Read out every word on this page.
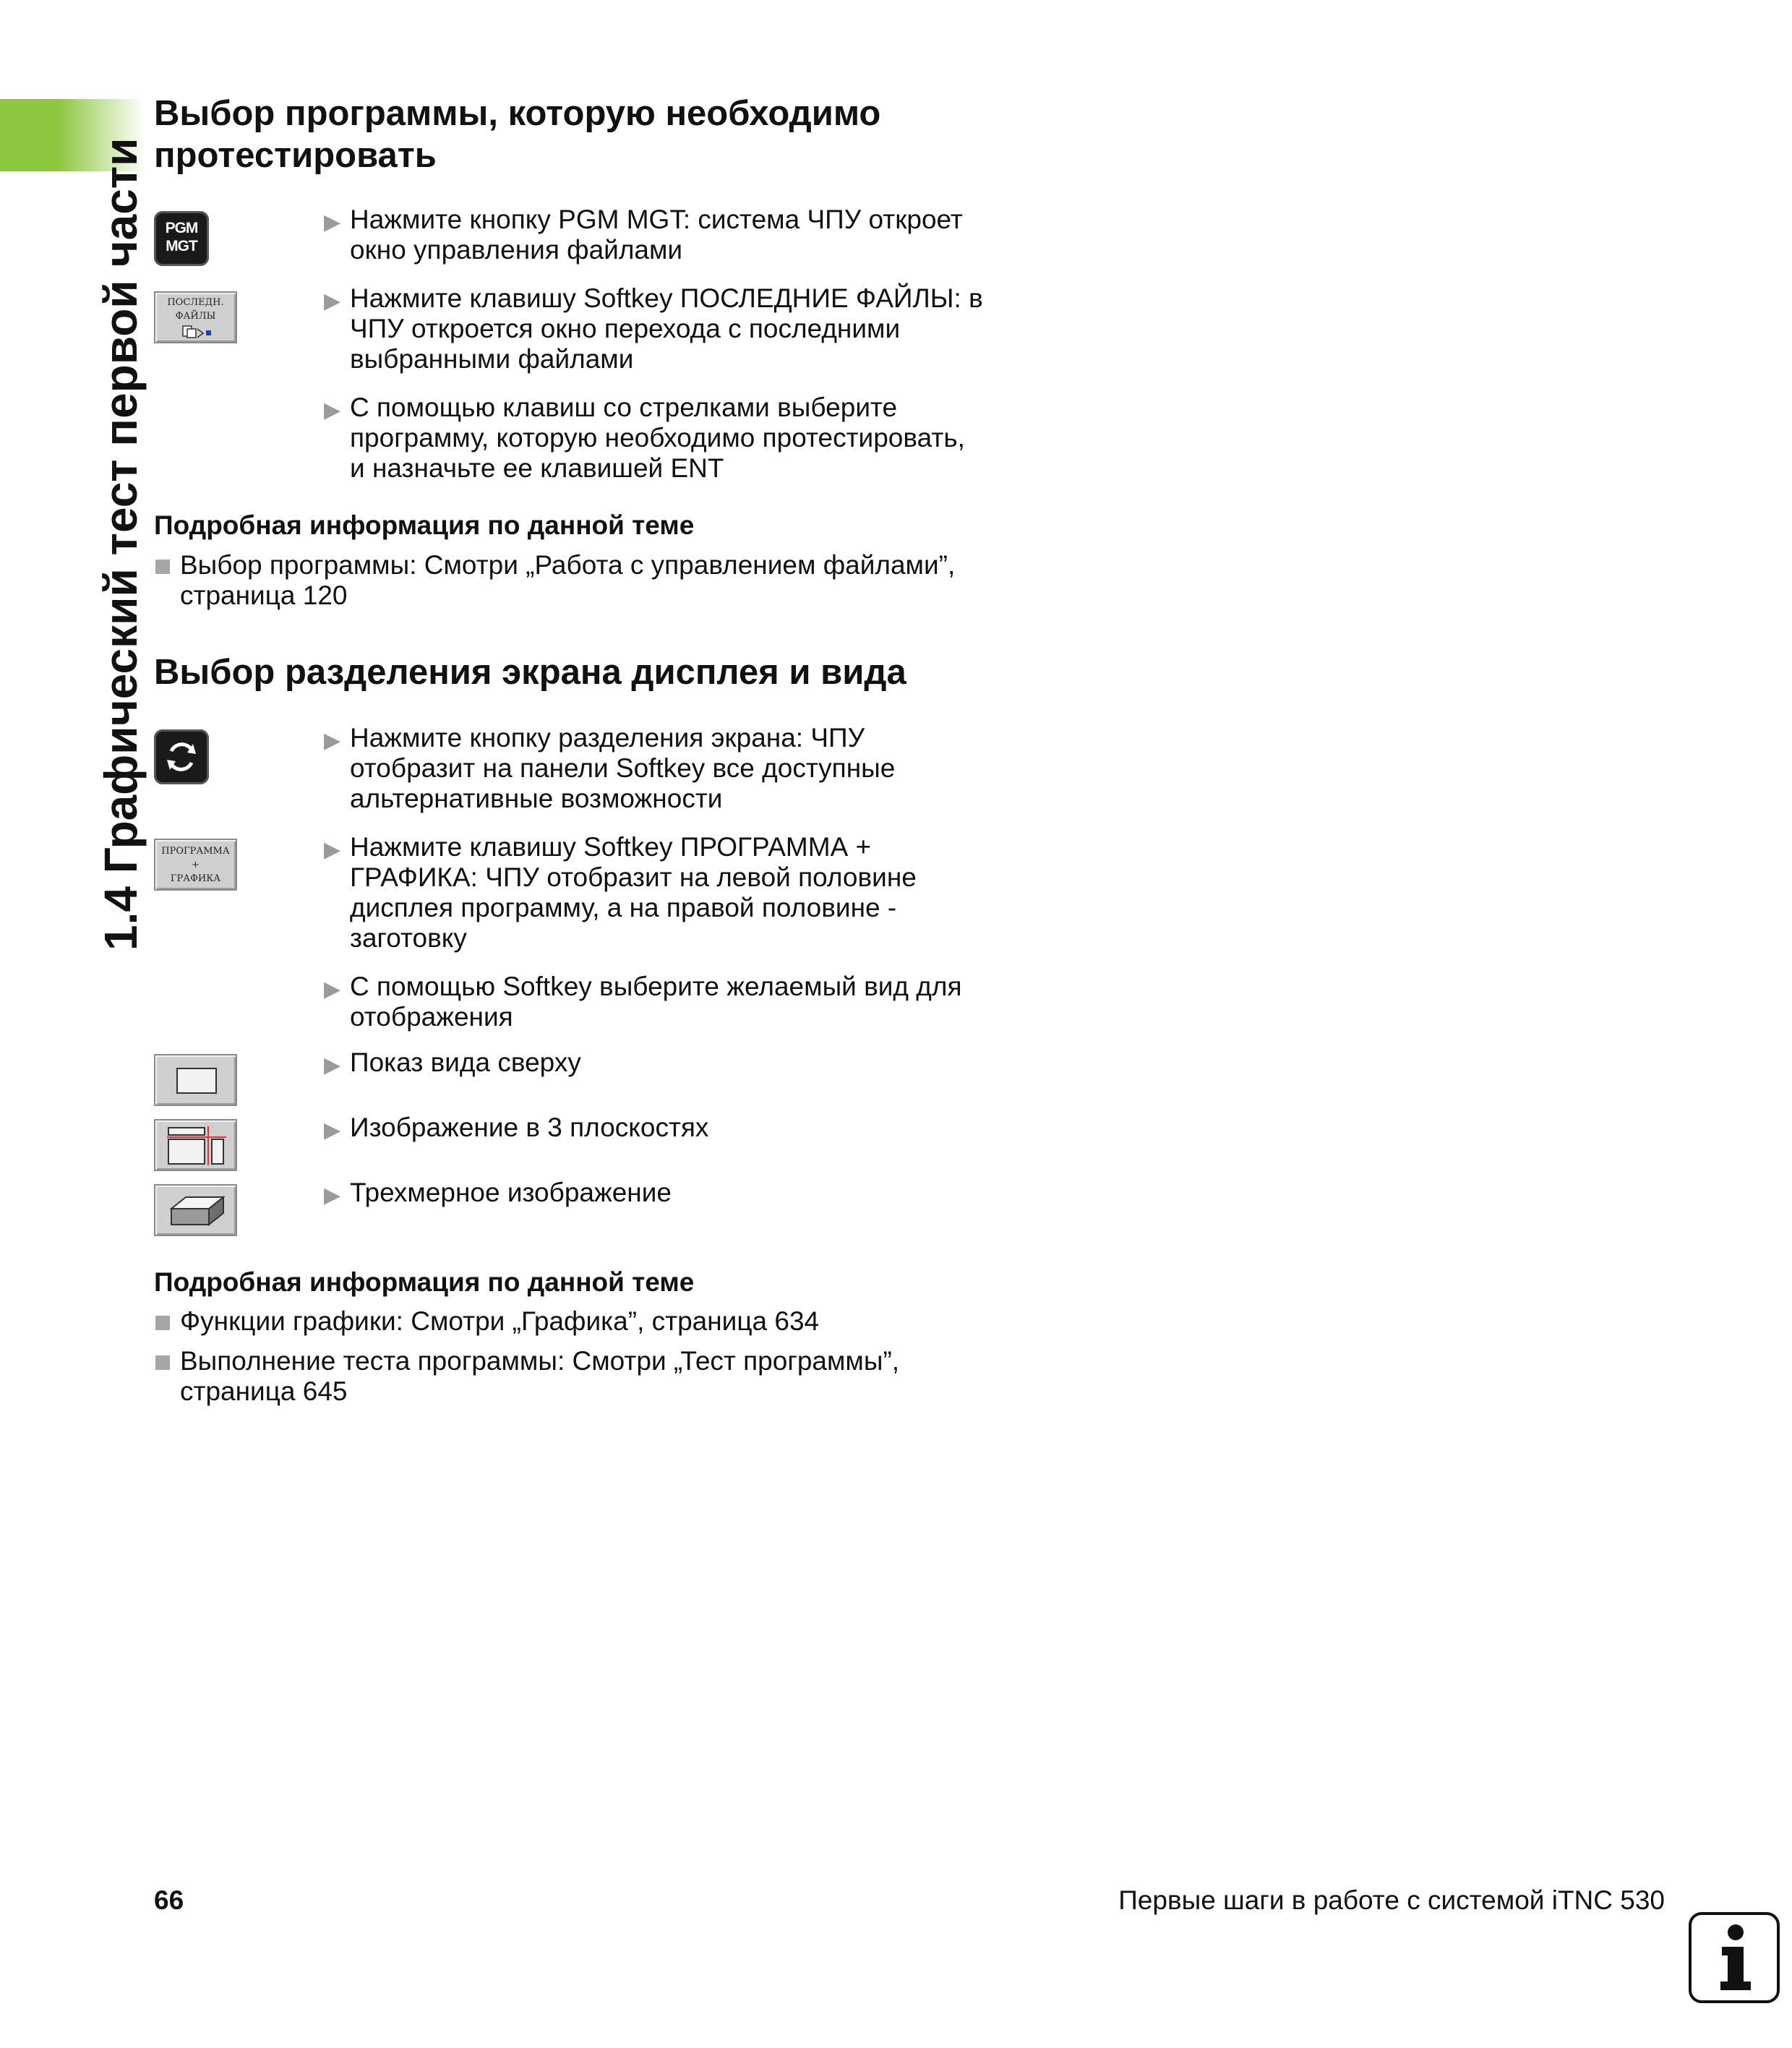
1.4 Графический тест первой части
Выбор программы, которую необходимо
протестировать
PGM
MGT
ПОСЛЕДН.
ФАЙЛЫ
▶ Нажмите кнопку PGM MGT: система ЧПУ откроет
окно управления файлами
▶ Нажмите клавишу Softkey ПОСЛЕДНИЕ ФАЙЛЫ: в
ЧПУ откроется окно перехода с последними
выбранными файлами
▶ С помощью клавиш со стрелками выберите
программу, которую необходимо протестировать,
и назначьте ее клавишей ENT
Подробная информация по данной теме
Выбор программы: Смотри „Работа с управлением файлами”,
страница 120
Выбор разделения экрана дисплея и вида
ПРОГРАММА
+
ГРАФИКА
▶ Нажмите кнопку разделения экрана: ЧПУ
отобразит на панели Softkey все доступные
альтернативные возможности
▶ Нажмите клавишу Softkey ПРОГРАММА +
ГРАФИКА: ЧПУ отобразит на левой половине
дисплея программу, а на правой половине -
заготовку
▶ С помощью Softkey выберите желаемый вид для
отображения
▶ Показ вида сверху
▶ Изображение в 3 плоскостях
▶ Трехмерное изображение
Подробная информация по данной теме
Функции графики: Смотри „Графика”, страница 634
Выполнение теста программы: Смотри „Тест программы”,
страница 645
66	Первые шаги в работе с системой iTNC 530
